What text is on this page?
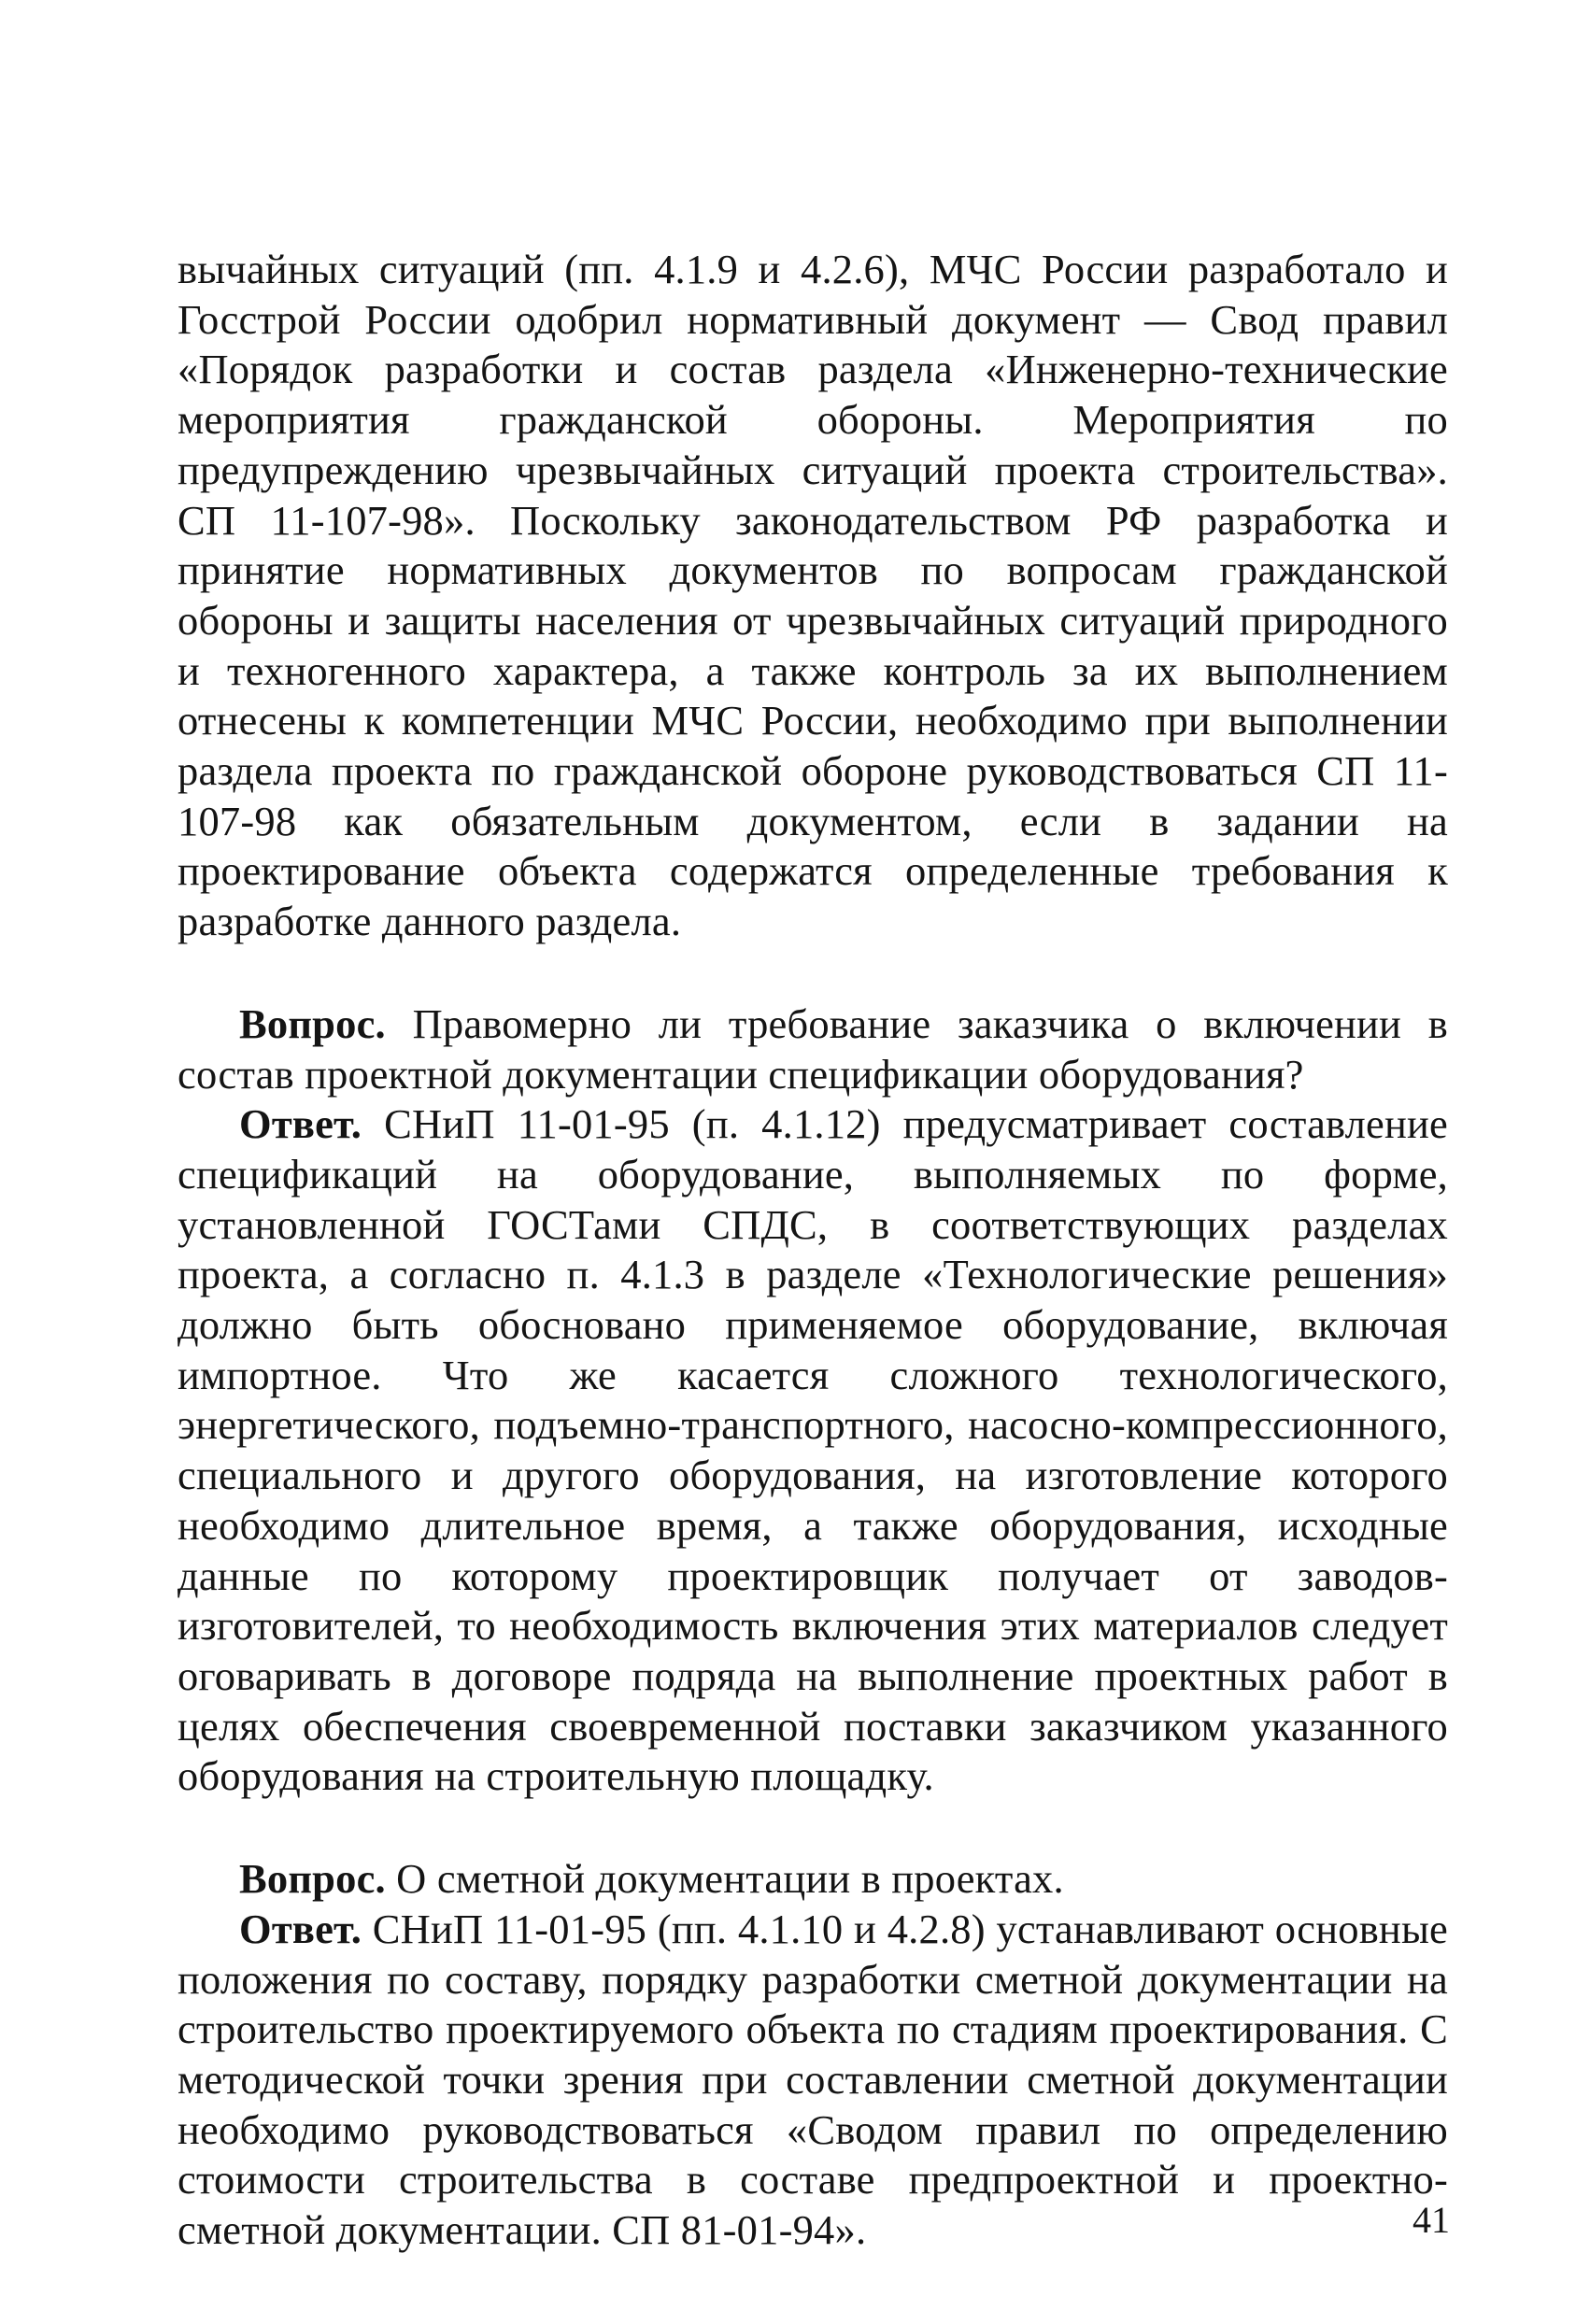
вычайных ситуаций (пп. 4.1.9 и 4.2.6), МЧС России разработало и Госстрой России одобрил нормативный документ — Свод правил «Порядок разработки и состав раздела «Инженерно-технические мероприятия гражданской обороны. Мероприятия по предупреждению чрезвычайных ситуаций проекта строительства». СП 11-107-98». Поскольку законодательством РФ разработка и принятие нормативных документов по вопросам гражданской обороны и защиты населения от чрезвычайных ситуаций природного и техногенного характера, а также контроль за их выполнением отнесены к компетенции МЧС России, необходимо при выполнении раздела проекта по гражданской обороне руководствоваться СП 11-107-98 как обязательным документом, если в задании на проектирование объекта содержатся определенные требования к разработке данного раздела.

Вопрос. Правомерно ли требование заказчика о включении в состав проектной документации спецификации оборудования?

Ответ. СНиП 11-01-95 (п. 4.1.12) предусматривает составление спецификаций на оборудование, выполняемых по форме, установленной ГОСТами СПДС, в соответствующих разделах проекта, а согласно п. 4.1.3 в разделе «Технологические решения» должно быть обосновано применяемое оборудование, включая импортное. Что же касается сложного технологического, энергетического, подъемно-транспортного, насосно-компрессионного, специального и другого оборудования, на изготовление которого необходимо длительное время, а также оборудования, исходные данные по которому проектировщик получает от заводов-изготовителей, то необходимость включения этих материалов следует оговаривать в договоре подряда на выполнение проектных работ в целях обеспечения своевременной поставки заказчиком указанного оборудования на строительную площадку.

Вопрос. О сметной документации в проектах.

Ответ. СНиП 11-01-95 (пп. 4.1.10 и 4.2.8) устанавливают основные положения по составу, порядку разработки сметной документации на строительство проектируемого объекта по стадиям проектирования. С методической точки зрения при составлении сметной документации необходимо руководствоваться «Сводом правил по определению стоимости строительства в составе предпроектной и проектно-сметной документации. СП 81-01-94».	41
